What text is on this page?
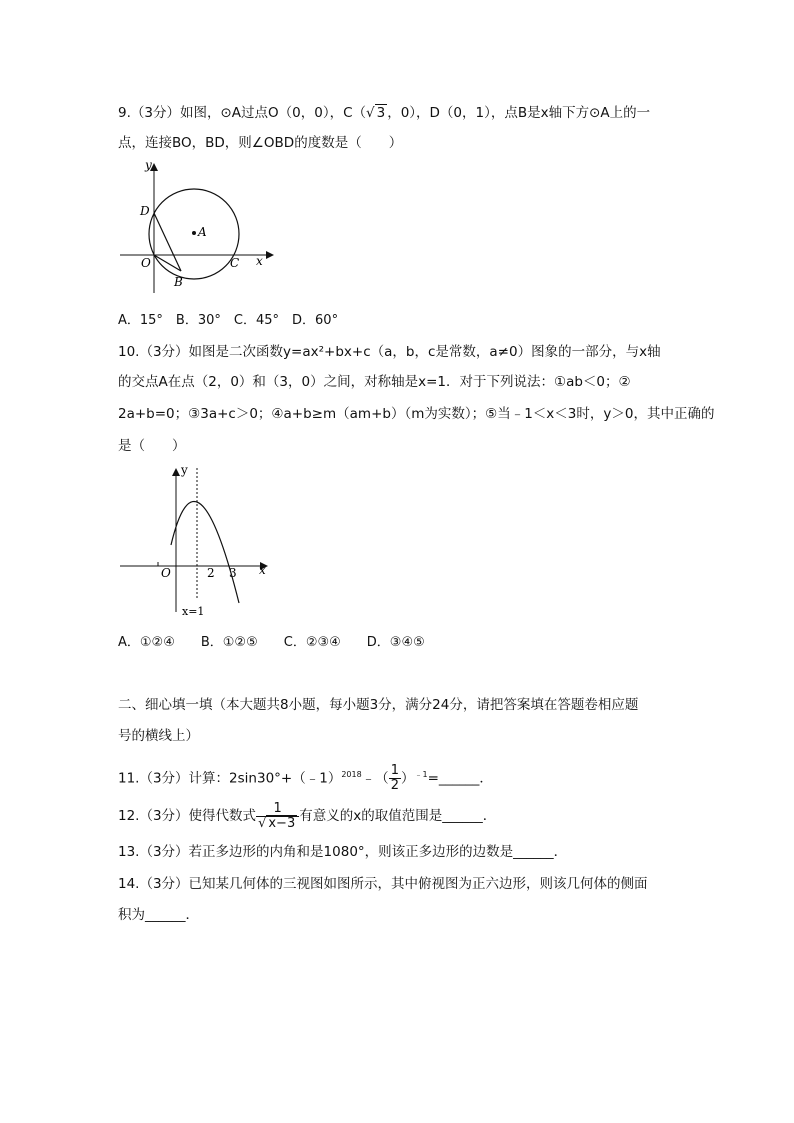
9.（3分）如图，⊙A过点O（0，0），C（√ 3 ，0），D（0，1），点B是x轴下方⊙A上的一
点，连接BO，BD，则∠OBD的度数是（　　）
y
x
D
A
O	C
B
A．15°　B．30°　C．45°　D．60°
10.（3分）如图是二次函数y=ax²+bx+c（a，b，c是常数，a≠0）图象的一部分，与x轴
的交点A在点（2，0）和（3，0）之间，对称轴是x=1．对于下列说法：①ab＜0；②
2a+b=0；③3a+c＞0；④a+b≥m（am+b）（m为实数）；⑤当﹣1＜x＜3时，y＞0，其中正确的
是（　　）
y
x
O	2 3
x=1
A．①②④　　B．①②⑤　　C．②③④　　D．③④⑤
二、细心填一填（本大题共8小题，每小题3分，满分24分，请把答案填在答题卷相应题
号的横线上）
11.（3分）计算：2sin30°+（﹣1）$^{2018}$﹣（ $\frac{1}{2}$ ）$^{﹣1}$=______．
12.（3分）使得代数式 $\frac{1}{√ x-3}$ 有意义的x的取值范围是______．
13.（3分）若正多边形的内角和是1080°，则该正多边形的边数是______．
14.（3分）已知某几何体的三视图如图所示，其中俯视图为正六边形，则该几何体的侧面
积为______．
